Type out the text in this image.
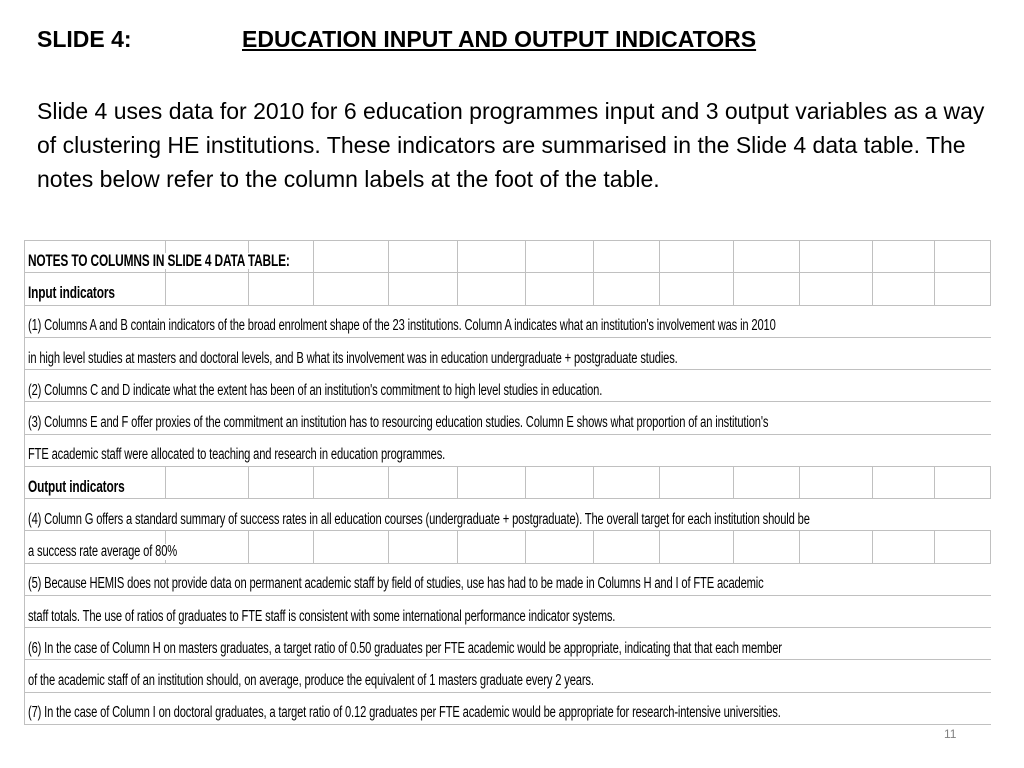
SLIDE 4:	EDUCATION INPUT AND OUTPUT INDICATORS
Slide 4 uses data for 2010 for 6 education programmes input and 3 output variables as a way of clustering HE institutions. These indicators are summarised in the Slide 4 data table. The notes below refer to the column labels at the foot of the table.
NOTES TO COLUMNS IN SLIDE 4 DATA TABLE:
Input indicators
(1) Columns A and B contain indicators of the broad enrolment shape of the 23 institutions. Column A indicates what an institution's involvement was in 2010
in high level studies at masters and doctoral levels, and B what its involvement was in education undergraduate + postgraduate studies.
(2) Columns C and D indicate what the extent has been of an institution's commitment to high level studies in education.
(3) Columns E and F offer proxies of the commitment an institution has to resourcing education studies. Column E shows what proportion of an institution's
FTE academic staff were allocated to teaching and research in education programmes.
Output indicators
(4) Column G offers a standard summary of success rates in all education courses (undergraduate + postgraduate). The overall target for each institution should be
a success rate average of 80%
(5) Because HEMIS does not provide data on permanent academic staff by field of studies, use has had to be made in Columns H and I of FTE academic
staff totals. The use of ratios of graduates to FTE staff is consistent with some international performance indicator systems.
(6) In the case of Column H on masters graduates, a target ratio of 0.50 graduates per FTE academic would be appropriate, indicating that that each member
of the academic staff of an institution should, on average, produce the equivalent of 1 masters graduate every 2 years.
(7) In the case of Column I on doctoral graduates, a target ratio of 0.12 graduates per FTE academic would be appropriate for research-intensive universities.
11
